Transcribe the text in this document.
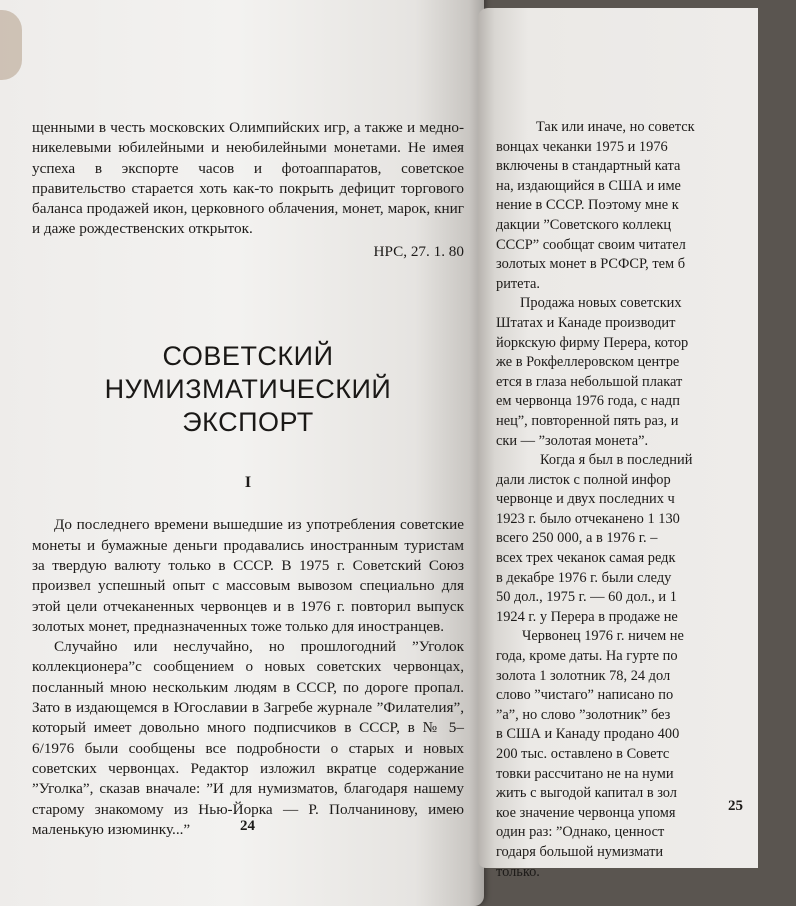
щенными в честь московских Олимпийских игр, а также и медно-никелевыми юбилейными и неюбилейными монетами. Не имея успеха в экспорте часов и фотоаппаратов, советское правительство старается хоть как-то покрыть дефицит торгового баланса продажей икон, церковного облачения, монет, марок, книг и даже рождественских открыток.

НРС, 27. 1. 80

СОВЕТСКИЙ
НУМИЗМАТИЧЕСКИЙ
ЭКСПОРТ
I

До последнего времени вышедшие из употребления советские монеты и бумажные деньги продавались иностранным туристам за твердую валюту только в СССР. В 1975 г. Советский Союз произвел успешный опыт с массовым вывозом специально для этой цели отчеканенных червонцев и в 1976 г. повторил выпуск золотых монет, предназначенных тоже только для иностранцев.

Случайно или неслучайно, но прошлогодний ”Уголок коллекционера”с сообщением о новых советских червонцах, посланный мною нескольким людям в СССР, по дороге пропал. Зато в издающемся в Югославии в Загребе журнале ”Филателия”, который имеет довольно много подписчиков в СССР, в № 5–6/1976 были сообщены все подробности о старых и новых советских червонцах. Редактор изложил вкратце содержание ”Уголка”, сказав вначале: ”И для нумизматов, благодаря нашему старому знакомому из Нью-Йорка — Р. Полчанинову, имею маленькую изюминку...”	24
Так или иначе, но советск
вонцах чеканки 1975 и 1976
включены в стандартный ката
на, издающийся в США и име
нение в СССР. Поэтому мне к
дакции ”Советского коллекц
СССР” сообщат своим читател
золотых монет в РСФСР, тем б
ритета.
Продажа новых советских
Штатах и Канаде производит
йоркскую фирму Перера, котор
же в Рокфеллеровском центре
ется в глаза небольшой плакат
ем червонца 1976 года, с надп
нец”, повторенной пять раз, и
ски — ”золотая монета”.
Когда я был в последний
дали листок с полной инфор
червонце и двух последних ч
1923 г. было отчеканено 1 130
всего 250 000, а в 1976 г. –
всех трех чеканок самая редк
в декабре 1976 г. были следу
50 дол., 1975 г. — 60 дол., и 1
1924 г. у Перера в продаже не
Червонец 1976 г. ничем не
года, кроме даты. На гурте по
золота 1 золотник 78, 24 дол
слово ”чистаго” написано по
”а”, но слово ”золотник” без
в США и Канаду продано 400
200 тыс. оставлено в Советс
товки рассчитано не на нуми
жить с выгодой капитал в зол
кое значение червонца упомя
один раз: ”Однако, ценност
годаря большой нумизмати
только.
25
